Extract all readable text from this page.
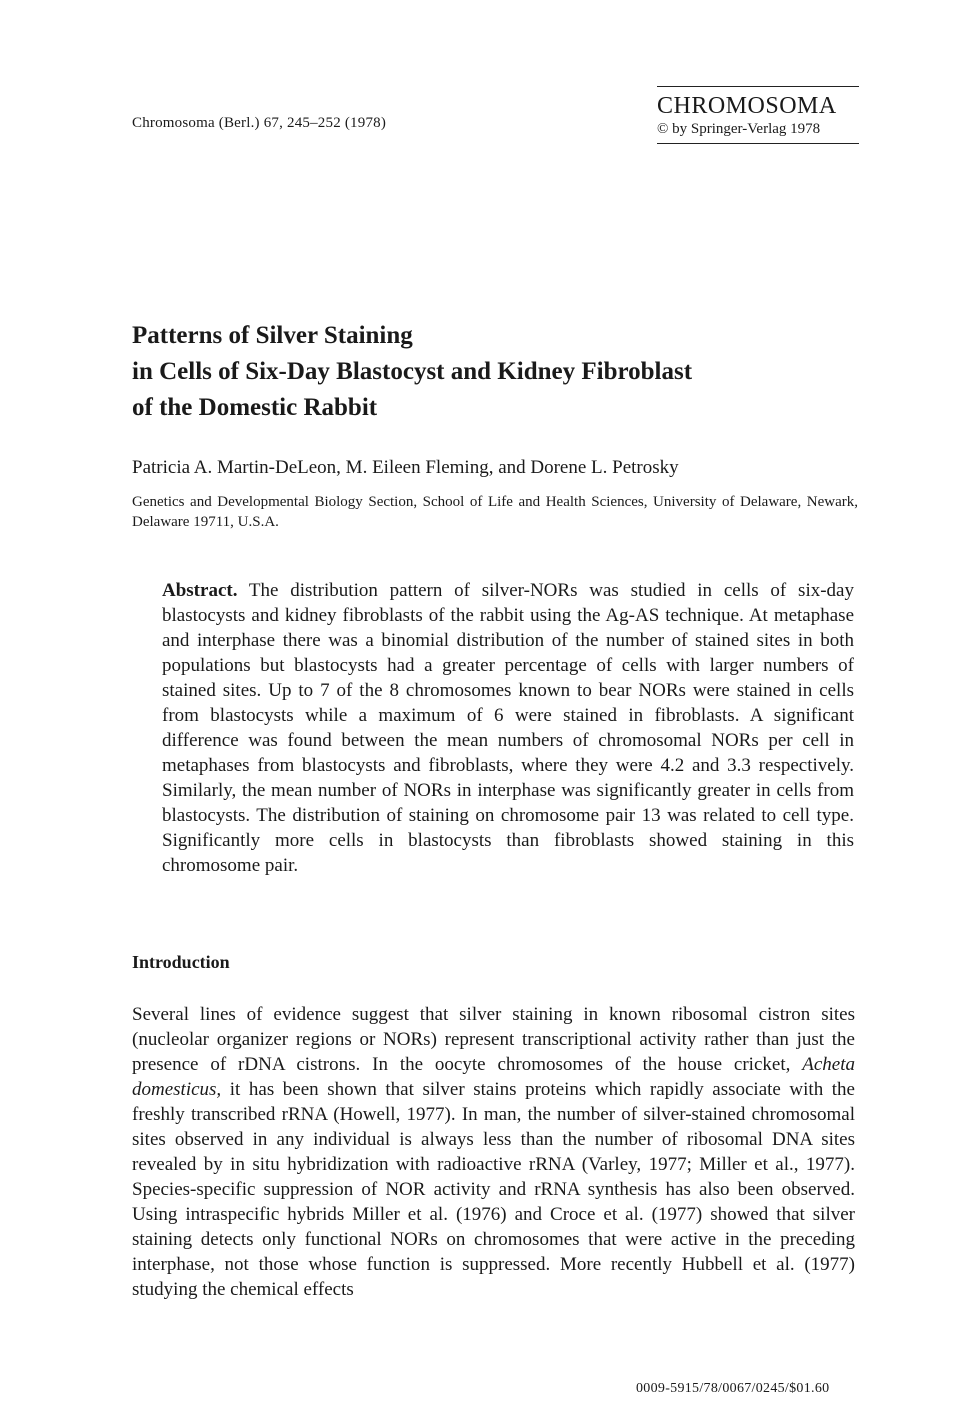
Chromosoma (Berl.) 67, 245–252 (1978)
CHROMOSOMA
© by Springer-Verlag 1978
Patterns of Silver Staining
in Cells of Six-Day Blastocyst and Kidney Fibroblast
of the Domestic Rabbit
Patricia A. Martin-DeLeon, M. Eileen Fleming, and Dorene L. Petrosky
Genetics and Developmental Biology Section, School of Life and Health Sciences, University of Delaware, Newark, Delaware 19711, U.S.A.
Abstract. The distribution pattern of silver-NORs was studied in cells of six-day blastocysts and kidney fibroblasts of the rabbit using the Ag-AS technique. At metaphase and interphase there was a binomial distribution of the number of stained sites in both populations but blastocysts had a greater percentage of cells with larger numbers of stained sites. Up to 7 of the 8 chromosomes known to bear NORs were stained in cells from blastocysts while a maximum of 6 were stained in fibroblasts. A significant difference was found between the mean numbers of chromosomal NORs per cell in metaphases from blastocysts and fibroblasts, where they were 4.2 and 3.3 respectively. Similarly, the mean number of NORs in interphase was significantly greater in cells from blastocysts. The distribution of staining on chromosome pair 13 was related to cell type. Significantly more cells in blastocysts than fibroblasts showed staining in this chromosome pair.
Introduction
Several lines of evidence suggest that silver staining in known ribosomal cistron sites (nucleolar organizer regions or NORs) represent transcriptional activity rather than just the presence of rDNA cistrons. In the oocyte chromosomes of the house cricket, Acheta domesticus, it has been shown that silver stains proteins which rapidly associate with the freshly transcribed rRNA (Howell, 1977). In man, the number of silver-stained chromosomal sites observed in any individual is always less than the number of ribosomal DNA sites revealed by in situ hybridization with radioactive rRNA (Varley, 1977; Miller et al., 1977). Species-specific suppression of NOR activity and rRNA synthesis has also been observed. Using intraspecific hybrids Miller et al. (1976) and Croce et al. (1977) showed that silver staining detects only functional NORs on chromosomes that were active in the preceding interphase, not those whose function is suppressed. More recently Hubbell et al. (1977) studying the chemical effects
0009-5915/78/0067/0245/$01.60
